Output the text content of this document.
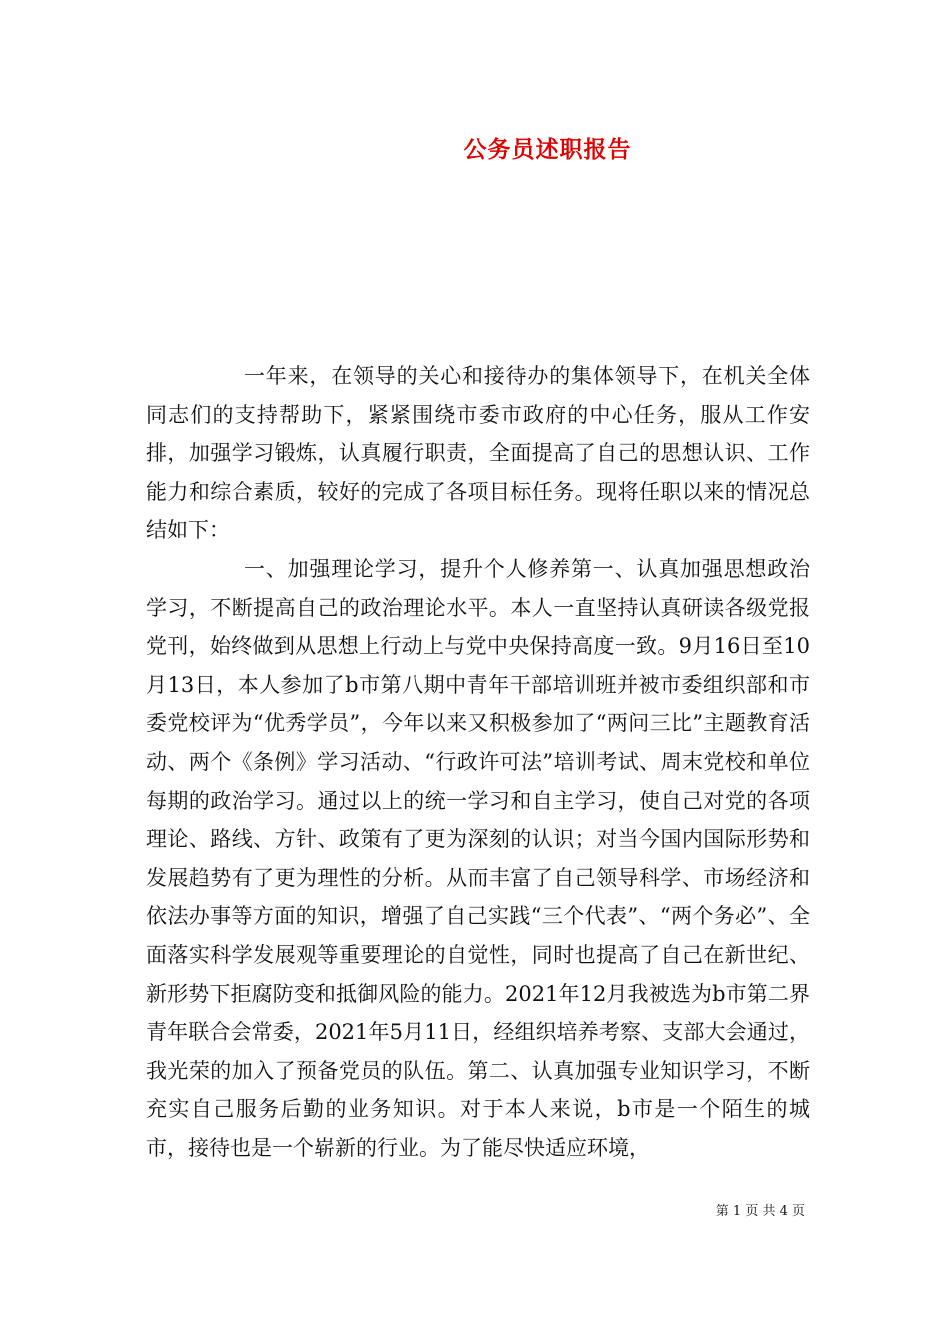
公务员述职报告

一年来，在领导的关心和接待办的集体领导下，在机关全体同志们的支持帮助下，紧紧围绕市委市政府的中心任务，服从工作安排，加强学习锻炼，认真履行职责，全面提高了自己的思想认识、工作能力和综合素质，较好的完成了各项目标任务。现将任职以来的情况总结如下：

一、加强理论学习，提升个人修养第一、认真加强思想政治学习，不断提高自己的政治理论水平。本人一直坚持认真研读各级党报党刊，始终做到从思想上行动上与党中央保持高度一致。9月16日至10月13日，本人参加了b市第八期中青年干部培训班并被市委组织部和市委党校评为“优秀学员”，今年以来又积极参加了“两问三比”主题教育活动、两个《条例》学习活动、“行政许可法”培训考试、周末党校和单位每期的政治学习。通过以上的统一学习和自主学习，使自己对党的各项理论、路线、方针、政策有了更为深刻的认识；对当今国内国际形势和发展趋势有了更为理性的分析。从而丰富了自己领导科学、市场经济和依法办事等方面的知识，增强了自己实践“三个代表”、“两个务必”、全面落实科学发展观等重要理论的自觉性，同时也提高了自己在新世纪、新形势下拒腐防变和抵御风险的能力。2021年12月我被选为b市第二界青年联合会常委，2021年5月11日，经组织培养考察、支部大会通过，我光荣的加入了预备党员的队伍。第二、认真加强专业知识学习，不断充实自己服务后勤的业务知识。对于本人来说，b市是一个陌生的城市，接待也是一个崭新的行业。为了能尽快适应环境，

第 1 页 共 4 页
